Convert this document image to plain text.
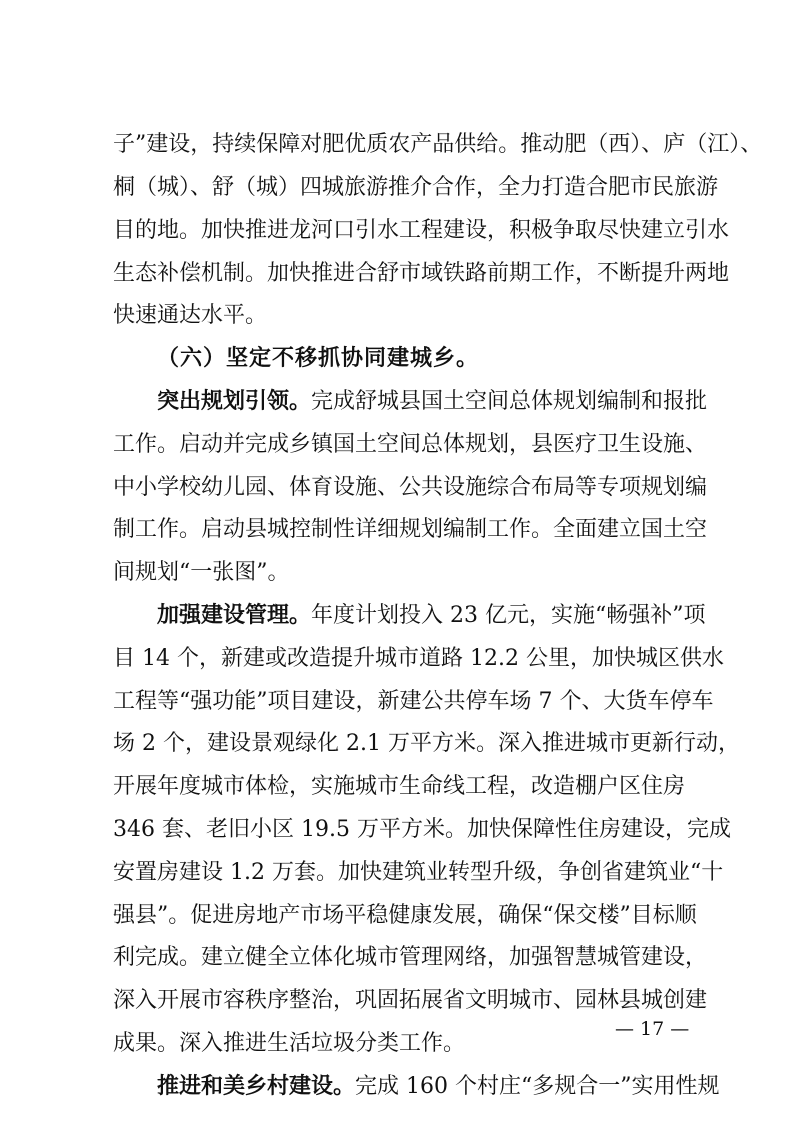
子”建设，持续保障对肥优质农产品供给。推动肥（西）、庐（江）、
桐（城）、舒（城）四城旅游推介合作，全力打造合肥市民旅游
目的地。加快推进龙河口引水工程建设，积极争取尽快建立引水
生态补偿机制。加快推进合舒市域铁路前期工作，不断提升两地
快速通达水平。
（六）坚定不移抓协同建城乡。
突出规划引领。完成舒城县国土空间总体规划编制和报批
工作。启动并完成乡镇国土空间总体规划，县医疗卫生设施、
中小学校幼儿园、体育设施、公共设施综合布局等专项规划编
制工作。启动县城控制性详细规划编制工作。全面建立国土空
间规划“一张图”。
加强建设管理。年度计划投入 23 亿元，实施“畅强补”项
目 14 个，新建或改造提升城市道路 12.2 公里，加快城区供水
工程等“强功能”项目建设，新建公共停车场 7 个、大货车停车
场 2 个，建设景观绿化 2.1 万平方米。深入推进城市更新行动，
开展年度城市体检，实施城市生命线工程，改造棚户区住房
346 套、老旧小区 19.5 万平方米。加快保障性住房建设，完成
安置房建设 1.2 万套。加快建筑业转型升级，争创省建筑业“十
强县”。促进房地产市场平稳健康发展，确保“保交楼”目标顺
利完成。建立健全立体化城市管理网络，加强智慧城管建设，
深入开展市容秩序整治，巩固拓展省文明城市、园林县城创建
成果。深入推进生活垃圾分类工作。
推进和美乡村建设。完成 160 个村庄“多规合一”实用性规
— 17 —
